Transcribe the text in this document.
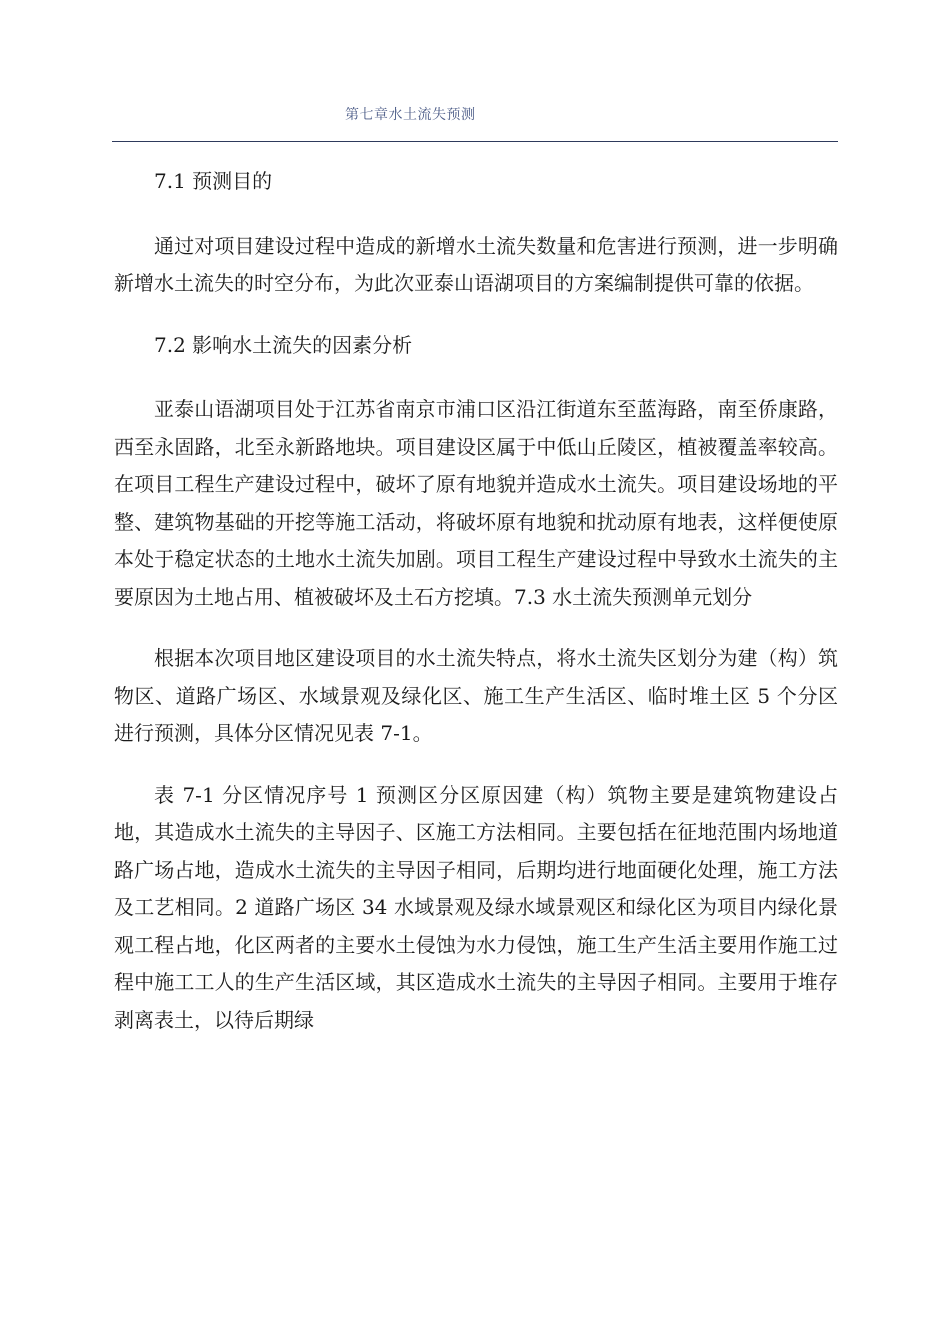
第七章水土流失预测

7.1 预测目的

通过对项目建设过程中造成的新增水土流失数量和危害进行预测，进一步明确新增水土流失的时空分布，为此次亚泰山语湖项目的方案编制提供可靠的依据。

7.2 影响水土流失的因素分析

亚泰山语湖项目处于江苏省南京市浦口区沿江街道东至蓝海路，南至侨康路，西至永固路，北至永新路地块。项目建设区属于中低山丘陵区，植被覆盖率较高。在项目工程生产建设过程中，破坏了原有地貌并造成水土流失。项目建设场地的平整、建筑物基础的开挖等施工活动，将破坏原有地貌和扰动原有地表，这样便使原本处于稳定状态的土地水土流失加剧。项目工程生产建设过程中导致水土流失的主要原因为土地占用、植被破坏及土石方挖填。7.3 水土流失预测单元划分

根据本次项目地区建设项目的水土流失特点，将水土流失区划分为建（构）筑物区、道路广场区、水域景观及绿化区、施工生产生活区、临时堆土区 5 个分区进行预测，具体分区情况见表 7-1。

表 7-1 分区情况序号 1 预测区分区原因建（构）筑物主要是建筑物建设占地，其造成水土流失的主导因子、区施工方法相同。主要包括在征地范围内场地道路广场占地，造成水土流失的主导因子相同，后期均进行地面硬化处理，施工方法及工艺相同。2 道路广场区 34 水域景观及绿水域景观区和绿化区为项目内绿化景观工程占地，化区两者的主要水土侵蚀为水力侵蚀，施工生产生活主要用作施工过程中施工工人的生产生活区域，其区造成水土流失的主导因子相同。主要用于堆存剥离表土，以待后期绿
